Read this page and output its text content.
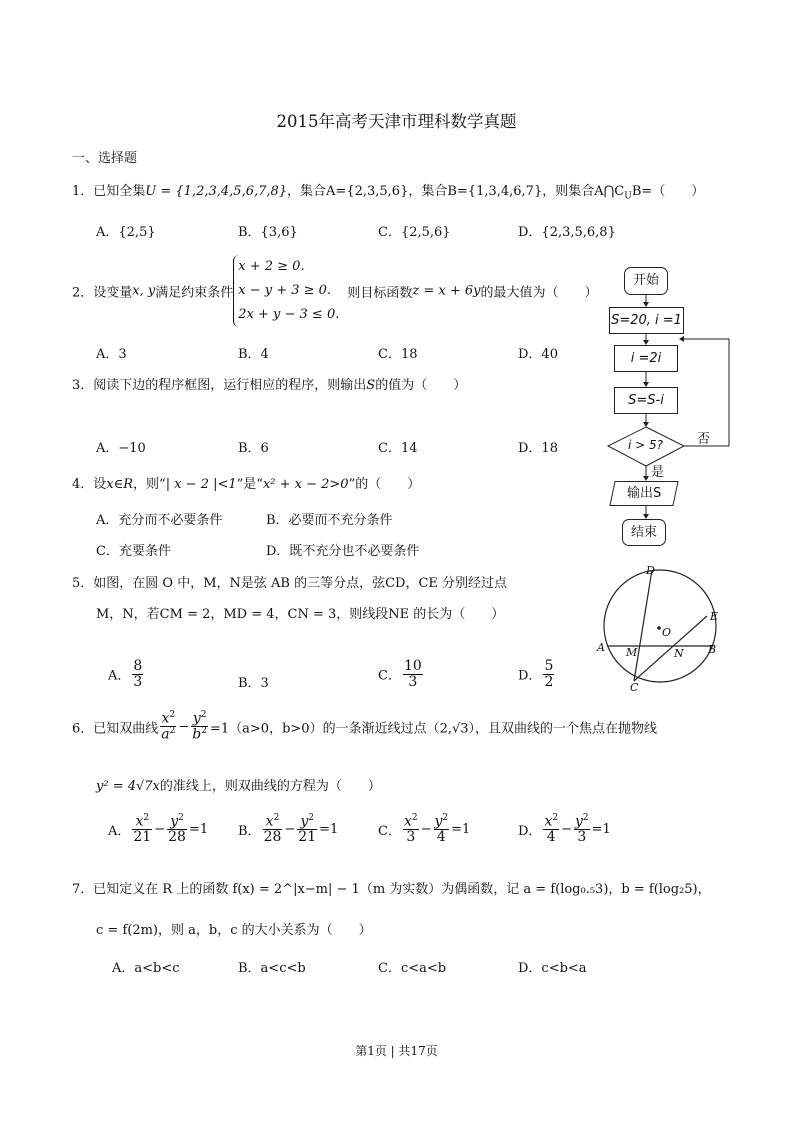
2015年高考天津市理科数学真题
一、选择题
1．已知全集U = {1,2,3,4,5,6,7,8}，集合A={2,3,5,6}，集合B={1,3,4,6,7}，则集合$A⋂C_UB=$（　　）
A．{2,5}	B．{3,6}	C．{2,5,6}	D．{2,3,5,6,8}
2．设变量x, y满足约束条件
x + 2 ≥ 0.
x − y + 3 ≥ 0.
2x + y − 3 ≤ 0.
则目标函数z = x + 6y的最大值为（　　）
A．3	B．4	C．18	D．40
3．阅读下边的程序框图，运行相应的程序，则输出S的值为（　　）
A．−10	B．6	C．14	D．18
开始
S=20, i =1
i =2i
S=S-i
i > 5?	否
是
输出S
结束
4．设x∈R，则“| x − 2 |<1”是“x² + x − 2>0”的（　　）
A．充分而不必要条件	B．必要而不充分条件
C．充要条件	D．既不充分也不必要条件
5．如图，在圆 O 中，M，N是弦 AB 的三等分点，弦CD，CE 分别经过点
M，N，若CM = 2，MD = 4，CN = 3，则线段NE 的长为（　　）
A． $\frac{8}{3}$	B．3	C． $\frac{10}{3}$	D． $\frac{5}{2}$
D
E
A	B
M	N
C
O
6．已知双曲线 $\frac{x^2}{a^2} - \frac{y^2}{b^2} =1(a>0$，b>0）的一条渐近线过点（2,√3），且双曲线的一个焦点在抛物线
y² = 4√7x的准线上，则双曲线的方程为（　　）
A． $\frac{x^2}{21} - \frac{y^2}{28} =1$ B． $\frac{x^2}{28} - \frac{y^2}{21} =1$	C． $\frac{x^2}{3} - \frac{y^2}{4} =1$	D． $\frac{x^2}{4} - \frac{y^2}{3} =1$
7．已知定义在 R 上的函数 f(x) = 2^|x−m| − 1（m 为实数）为偶函数，记 a = f(log₀.₅3)，b = f(log₂5)，
c = f(2m)，则 a，b，c 的大小关系为（　　）
A．a<b<c	B．a<c<b	C．c<a<b	D．c<b<a
第1页 | 共17页
